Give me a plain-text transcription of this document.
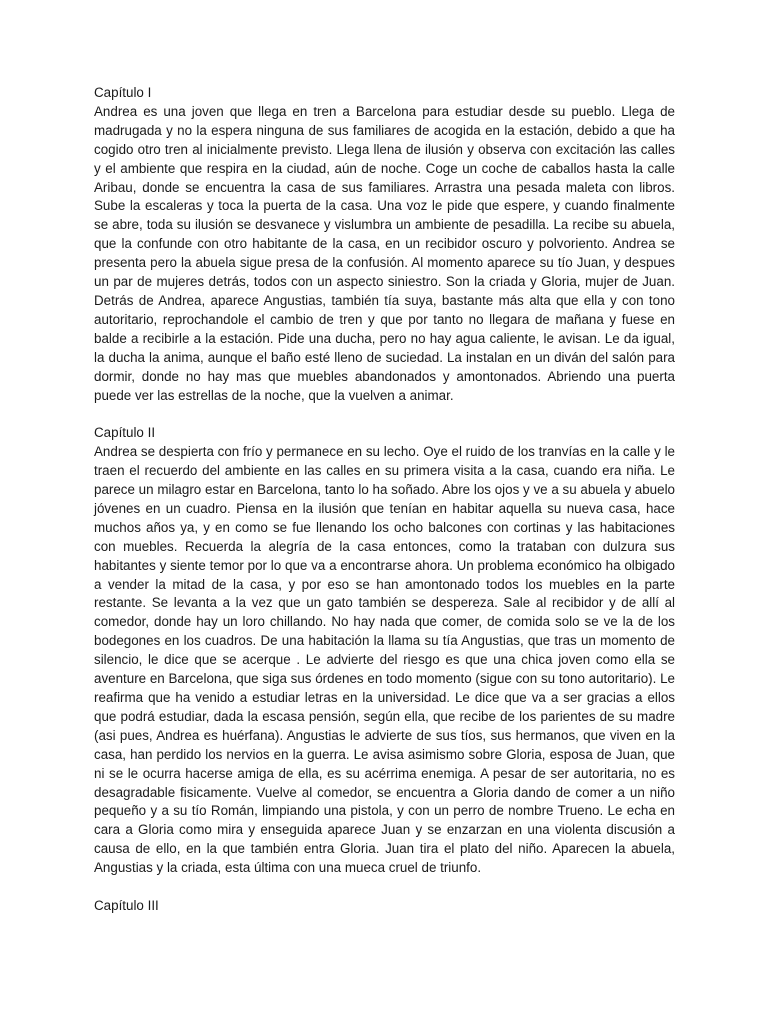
Capítulo I

Andrea es una joven que llega en tren a Barcelona para estudiar desde su pueblo. Llega de madrugada y no la espera ninguna de sus familiares de acogida en la estación, debido a que ha cogido otro tren al inicialmente previsto. Llega llena de ilusión y observa con excitación las calles y el ambiente que respira en la ciudad, aún de noche. Coge un coche de caballos hasta la calle Aribau, donde se encuentra la casa de sus familiares. Arrastra una pesada maleta con libros. Sube la escaleras y toca la puerta de la casa. Una voz le pide que espere, y cuando finalmente se abre, toda su ilusión se desvanece y vislumbra un ambiente de pesadilla. La recibe su abuela, que la confunde con otro habitante de la casa, en un recibidor oscuro y polvoriento. Andrea se presenta pero la abuela sigue presa de la confusión. Al momento aparece su tío Juan, y despues un par de mujeres detrás, todos con un aspecto siniestro. Son la criada y Gloria, mujer de Juan. Detrás de Andrea, aparece Angustias, también tía suya, bastante más alta que ella y con tono autoritario, reprochandole el cambio de tren y que por tanto no llegara de mañana y fuese en balde a recibirle a la estación. Pide una ducha, pero no hay agua caliente, le avisan. Le da igual, la ducha la anima, aunque el baño esté lleno de suciedad. La instalan en un diván del salón para dormir, donde no hay mas que muebles abandonados y amontonados. Abriendo una puerta puede ver las estrellas de la noche, que la vuelven a animar.

Capítulo II

Andrea se despierta con frío y permanece en su lecho. Oye el ruido de los tranvías en la calle y le traen el recuerdo del ambiente en las calles en su primera visita a la casa, cuando era niña. Le parece un milagro estar en Barcelona, tanto lo ha soñado. Abre los ojos y ve a su abuela y abuelo jóvenes en un cuadro. Piensa en la ilusión que tenían en habitar aquella su nueva casa, hace muchos años ya, y en como se fue llenando los ocho balcones con cortinas y las habitaciones con muebles. Recuerda la alegría de la casa entonces, como la trataban con dulzura sus habitantes y siente temor por lo que va a encontrarse ahora. Un problema económico ha olbigado a vender la mitad de la casa, y por eso se han amontonado todos los muebles en la parte restante. Se levanta a la vez que un gato también se despereza. Sale al recibidor y de allí al comedor, donde hay un loro chillando. No hay nada que comer, de comida solo se ve la de los bodegones en los cuadros. De una habitación la llama su tía Angustias, que tras un momento de silencio, le dice que se acerque . Le advierte del riesgo es que una chica joven como ella se aventure en Barcelona, que siga sus órdenes en todo momento (sigue con su tono autoritario). Le reafirma que ha venido a estudiar letras en la universidad. Le dice que va a ser gracias a ellos que podrá estudiar, dada la escasa pensión, según ella, que recibe de los parientes de su madre (asi pues, Andrea es huérfana). Angustias le advierte de sus tíos, sus hermanos, que viven en la casa, han perdido los nervios en la guerra. Le avisa asimismo sobre Gloria, esposa de Juan, que ni se le ocurra hacerse amiga de ella, es su acérrima enemiga. A pesar de ser autoritaria, no es desagradable fisicamente. Vuelve al comedor, se encuentra a Gloria dando de comer a un niño pequeño y a su tío Román, limpiando una pistola, y con un perro de nombre Trueno. Le echa en cara a Gloria como mira y enseguida aparece Juan y se enzarzan en una violenta discusión a causa de ello, en la que también entra Gloria. Juan tira el plato del niño. Aparecen la abuela, Angustias y la criada, esta última con una mueca cruel de triunfo.

Capítulo III
